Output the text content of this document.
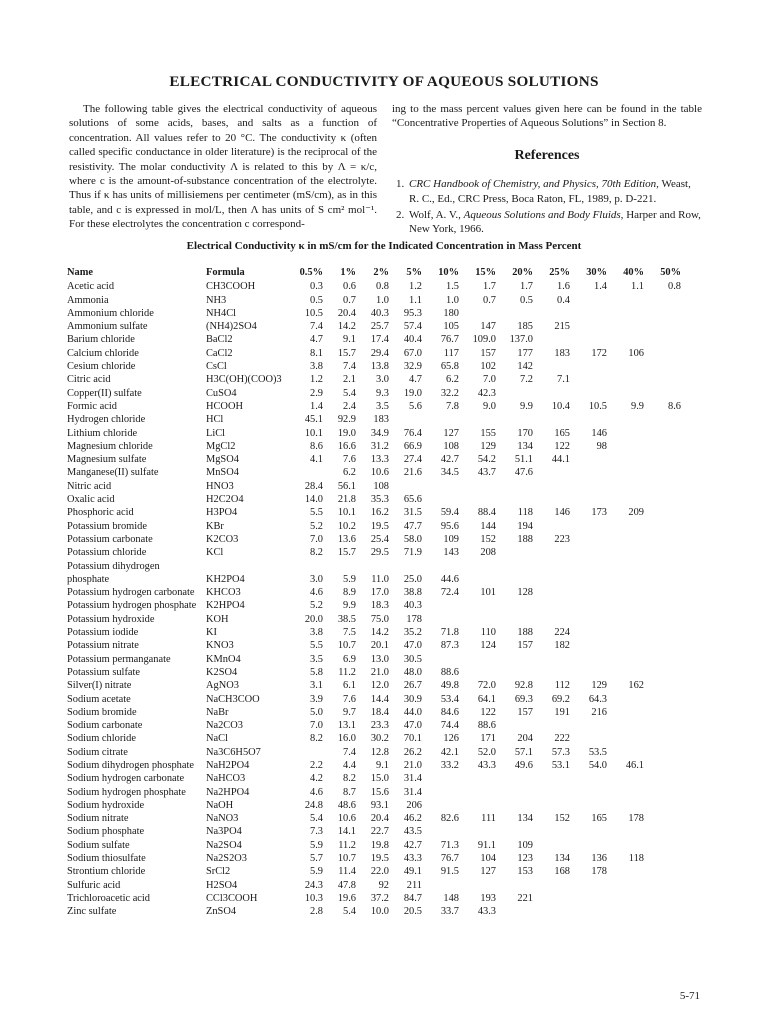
ELECTRICAL CONDUCTIVITY OF AQUEOUS SOLUTIONS

The following table gives the electrical conductivity of aqueous solutions of some acids, bases, and salts as a function of concentration. All values refer to 20 °C. The conductivity κ (often called specific conductance in older literature) is the reciprocal of the resistivity. The molar conductivity Λ is related to this by Λ = κ/c, where c is the amount-of-substance concentration of the electrolyte. Thus if κ has units of millisiemens per centimeter (mS/cm), as in this table, and c is expressed in mol/L, then Λ has units of S cm² mol⁻¹. For these electrolytes the concentration c correspond-

ing to the mass percent values given here can be found in the table “Concentrative Properties of Aqueous Solutions” in Section 8.

References
1. CRC Handbook of Chemistry, and Physics, 70th Edition, Weast, R. C., Ed., CRC Press, Boca Raton, FL, 1989, p. D-221.
2. Wolf, A. V., Aqueous Solutions and Body Fluids, Harper and Row, New York, 1966.
Electrical Conductivity κ in mS/cm for the Indicated Concentration in Mass Percent
Name	Formula	0.5%	1%	2%	5%	10%	15%	20%	25%	30%	40%	50%
Acetic acid	CH3COOH	0.3	0.6	0.8	1.2	1.5	1.7	1.7	1.6	1.4	1.1	0.8
Ammonia	NH3	0.5	0.7	1.0	1.1	1.0	0.7	0.5	0.4			
Ammonium chloride	NH4Cl	10.5	20.4	40.3	95.3	180						
Ammonium sulfate	(NH4)2SO4	7.4	14.2	25.7	57.4	105	147	185	215			
Barium chloride	BaCl2	4.7	9.1	17.4	40.4	76.7	109.0	137.0				
Calcium chloride	CaCl2	8.1	15.7	29.4	67.0	117	157	177	183	172	106	
Cesium chloride	CsCl	3.8	7.4	13.8	32.9	65.8	102	142				
Citric acid	H3C(OH)(COO)3	1.2	2.1	3.0	4.7	6.2	7.0	7.2	7.1			
Copper(II) sulfate	CuSO4	2.9	5.4	9.3	19.0	32.2	42.3					
Formic acid	HCOOH	1.4	2.4	3.5	5.6	7.8	9.0	9.9	10.4	10.5	9.9	8.6
Hydrogen chloride	HCl	45.1	92.9	183								
Lithium chloride	LiCl	10.1	19.0	34.9	76.4	127	155	170	165	146		
Magnesium chloride	MgCl2	8.6	16.6	31.2	66.9	108	129	134	122	98		
Magnesium sulfate	MgSO4	4.1	7.6	13.3	27.4	42.7	54.2	51.1	44.1			
Manganese(II) sulfate	MnSO4		6.2	10.6	21.6	34.5	43.7	47.6				
Nitric acid	HNO3	28.4	56.1	108								
Oxalic acid	H2C2O4	14.0	21.8	35.3	65.6							
Phosphoric acid	H3PO4	5.5	10.1	16.2	31.5	59.4	88.4	118	146	173	209	
Potassium bromide	KBr	5.2	10.2	19.5	47.7	95.6	144	194				
Potassium carbonate	K2CO3	7.0	13.6	25.4	58.0	109	152	188	223			
Potassium chloride	KCl	8.2	15.7	29.5	71.9	143	208					
Potassium dihydrogen												
phosphate	KH2PO4	3.0	5.9	11.0	25.0	44.6						
Potassium hydrogen carbonate	KHCO3	4.6	8.9	17.0	38.8	72.4	101	128				
Potassium hydrogen phosphate	K2HPO4	5.2	9.9	18.3	40.3							
Potassium hydroxide	KOH	20.0	38.5	75.0	178							
Potassium iodide	KI	3.8	7.5	14.2	35.2	71.8	110	188	224			
Potassium nitrate	KNO3	5.5	10.7	20.1	47.0	87.3	124	157	182			
Potassium permanganate	KMnO4	3.5	6.9	13.0	30.5							
Potassium sulfate	K2SO4	5.8	11.2	21.0	48.0	88.6						
Silver(I) nitrate	AgNO3	3.1	6.1	12.0	26.7	49.8	72.0	92.8	112	129	162	
Sodium acetate	NaCH3COO	3.9	7.6	14.4	30.9	53.4	64.1	69.3	69.2	64.3		
Sodium bromide	NaBr	5.0	9.7	18.4	44.0	84.6	122	157	191	216		
Sodium carbonate	Na2CO3	7.0	13.1	23.3	47.0	74.4	88.6					
Sodium chloride	NaCl	8.2	16.0	30.2	70.1	126	171	204	222			
Sodium citrate	Na3C6H5O7		7.4	12.8	26.2	42.1	52.0	57.1	57.3	53.5		
Sodium dihydrogen phosphate	NaH2PO4	2.2	4.4	9.1	21.0	33.2	43.3	49.6	53.1	54.0	46.1	
Sodium hydrogen carbonate	NaHCO3	4.2	8.2	15.0	31.4							
Sodium hydrogen phosphate	Na2HPO4	4.6	8.7	15.6	31.4							
Sodium hydroxide	NaOH	24.8	48.6	93.1	206							
Sodium nitrate	NaNO3	5.4	10.6	20.4	46.2	82.6	111	134	152	165	178	
Sodium phosphate	Na3PO4	7.3	14.1	22.7	43.5							
Sodium sulfate	Na2SO4	5.9	11.2	19.8	42.7	71.3	91.1	109				
Sodium thiosulfate	Na2S2O3	5.7	10.7	19.5	43.3	76.7	104	123	134	136	118	
Strontium chloride	SrCl2	5.9	11.4	22.0	49.1	91.5	127	153	168	178		
Sulfuric acid	H2SO4	24.3	47.8	92	211							
Trichloroacetic acid	CCl3COOH	10.3	19.6	37.2	84.7	148	193	221				
Zinc sulfate	ZnSO4	2.8	5.4	10.0	20.5	33.7	43.3					
5-71
